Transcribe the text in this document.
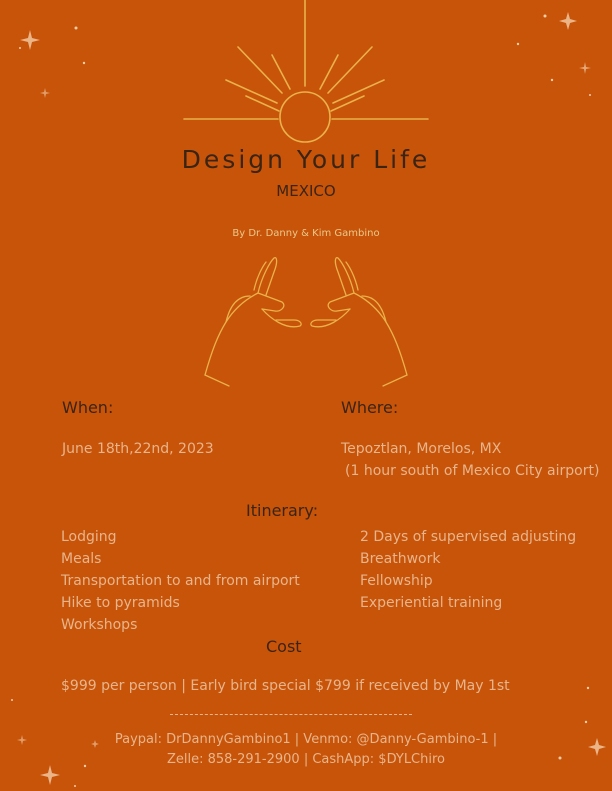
Design Your Life
MEXICO
By Dr. Danny & Kim Gambino
When:	Where:
June 18th,22nd, 2023	Tepoztlan, Morelos, MX
(1 hour south of Mexico City airport)
Itinerary:
Lodging
Meals
Transportation to and from airport
Hike to pyramids
Workshops
2 Days of supervised adjusting
Breathwork
Fellowship
Experiential training
Cost
$999 per person | Early bird special $799 if received by May 1st
Paypal: DrDannyGambino1 | Venmo: @Danny-Gambino-1 |
Zelle: 858-291-2900 | CashApp: $DYLChiro
